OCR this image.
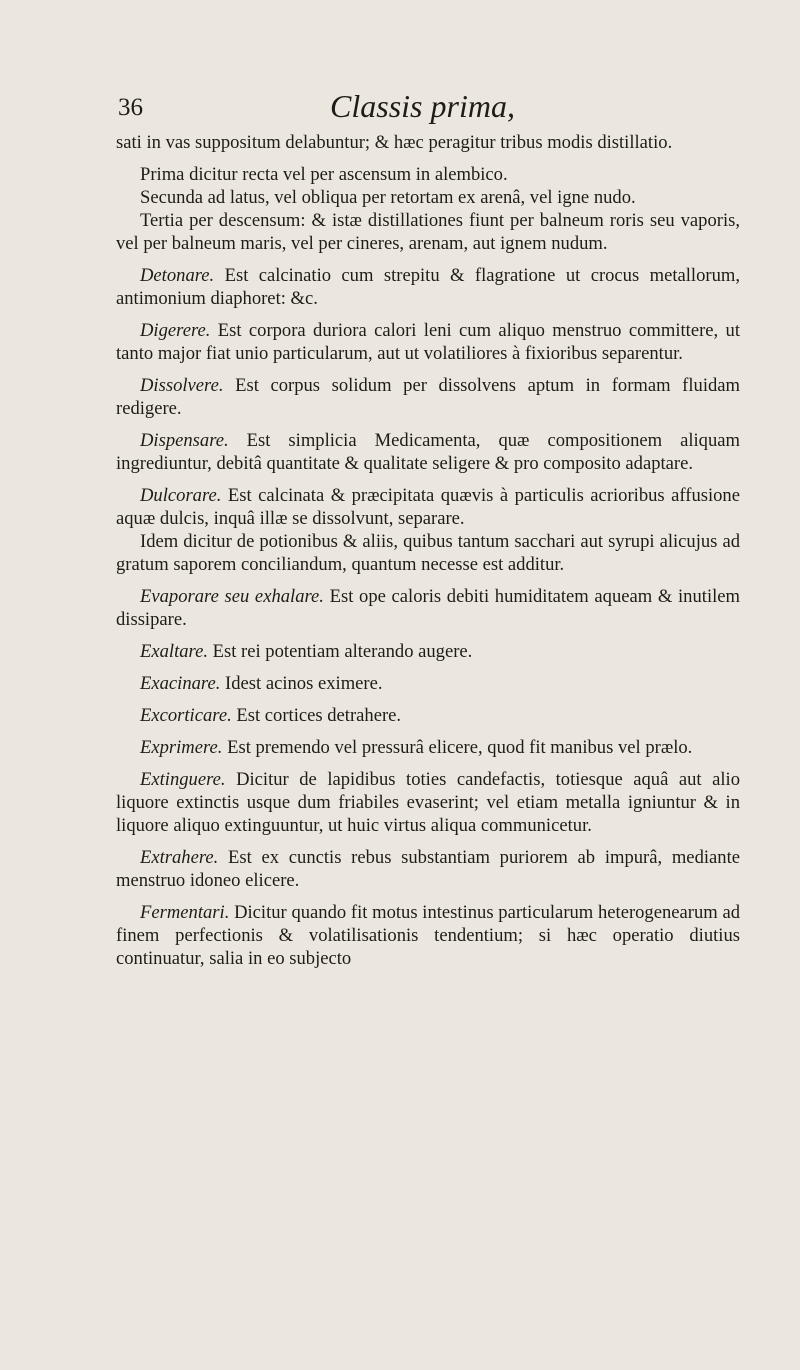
36	Classis prima,

sati in vas suppositum delabuntur; & hæc peragitur tribus modis distillatio.

Prima dicitur recta vel per ascensum in alembico.

Secunda ad latus, vel obliqua per retortam ex arenâ, vel igne nudo.

Tertia per descensum: & istæ distillationes fiunt per balneum roris seu vaporis, vel per balneum maris, vel per cineres, arenam, aut ignem nudum.

Detonare. Est calcinatio cum strepitu & flagratione ut crocus metallorum, antimonium diaphoret: &c.

Digerere. Est corpora duriora calori leni cum aliquo menstruo committere, ut tanto major fiat unio particularum, aut ut volatiliores à fixioribus separentur.

Dissolvere. Est corpus solidum per dissolvens aptum in formam fluidam redigere.

Dispensare. Est simplicia Medicamenta, quæ compositionem aliquam ingrediuntur, debitâ quantitate & qualitate seligere & pro composito adaptare.

Dulcorare. Est calcinata & præcipitata quævis à particulis acrioribus affusione aquæ dulcis, inquâ illæ se dissolvunt, separare.

Idem dicitur de potionibus & aliis, quibus tantum sacchari aut syrupi alicujus ad gratum saporem conciliandum, quantum necesse est additur.

Evaporare seu exhalare. Est ope caloris debiti humiditatem aqueam & inutilem dissipare.

Exaltare. Est rei potentiam alterando augere.

Exacinare. Idest acinos eximere.

Excorticare. Est cortices detrahere.

Exprimere. Est premendo vel pressurâ elicere, quod fit manibus vel prælo.

Extinguere. Dicitur de lapidibus toties candefactis, totiesque aquâ aut alio liquore extinctis usque dum friabiles evaserint; vel etiam metalla igniuntur & in liquore aliquo extinguuntur, ut huic virtus aliqua communicetur.

Extrahere. Est ex cunctis rebus substantiam puriorem ab impurâ, mediante menstruo idoneo elicere.

Fermentari. Dicitur quando fit motus intestinus particularum heterogenearum ad finem perfectionis & volatilisationis tendentium; si hæc operatio diutius continuatur, salia in eo subjecto
